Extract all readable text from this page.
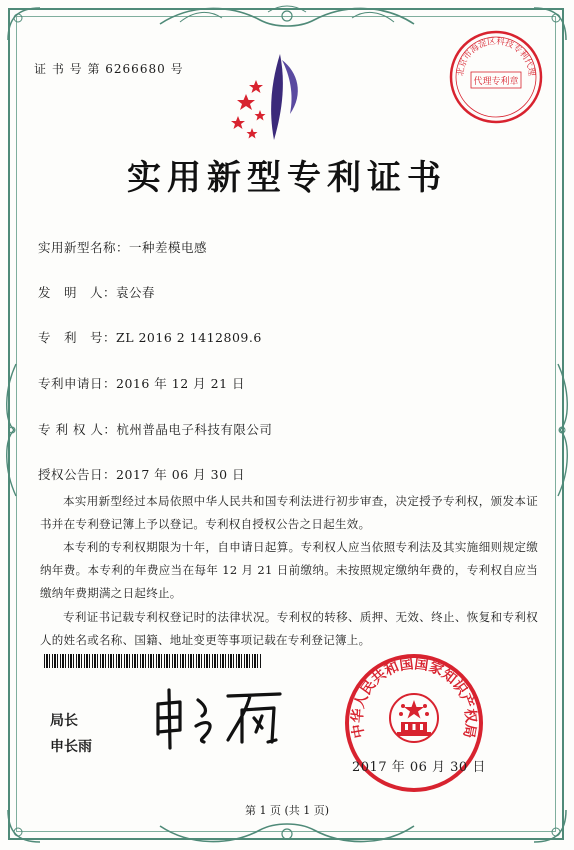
证 书 号 第 6266680 号	北京市海淀区科技专利代理
代理专利章
实用新型专利证书
实用新型名称：一种差模电感
发　明　人：袁公春
专　利　号：ZL 2016 2 1412809.6
专利申请日：2016 年 12 月 21 日
专 利 权 人：杭州普晶电子科技有限公司
授权公告日：2017 年 06 月 30 日
本实用新型经过本局依照中华人民共和国专利法进行初步审查，决定授予专利权，颁发本证书并在专利登记簿上予以登记。专利权自授权公告之日起生效。
本专利的专利权期限为十年，自申请日起算。专利权人应当依照专利法及其实施细则规定缴纳年费。本专利的年费应当在每年 12 月 21 日前缴纳。未按照规定缴纳年费的，专利权自应当缴纳年费期满之日起终止。
专利证书记载专利权登记时的法律状况。专利权的转移、质押、无效、终止、恢复和专利权人的姓名或名称、国籍、地址变更等事项记载在专利登记簿上。
局长
申长雨
中华人民共和国国家知识产权局
2017 年 06 月 30 日
第 1 页 (共 1 页)
